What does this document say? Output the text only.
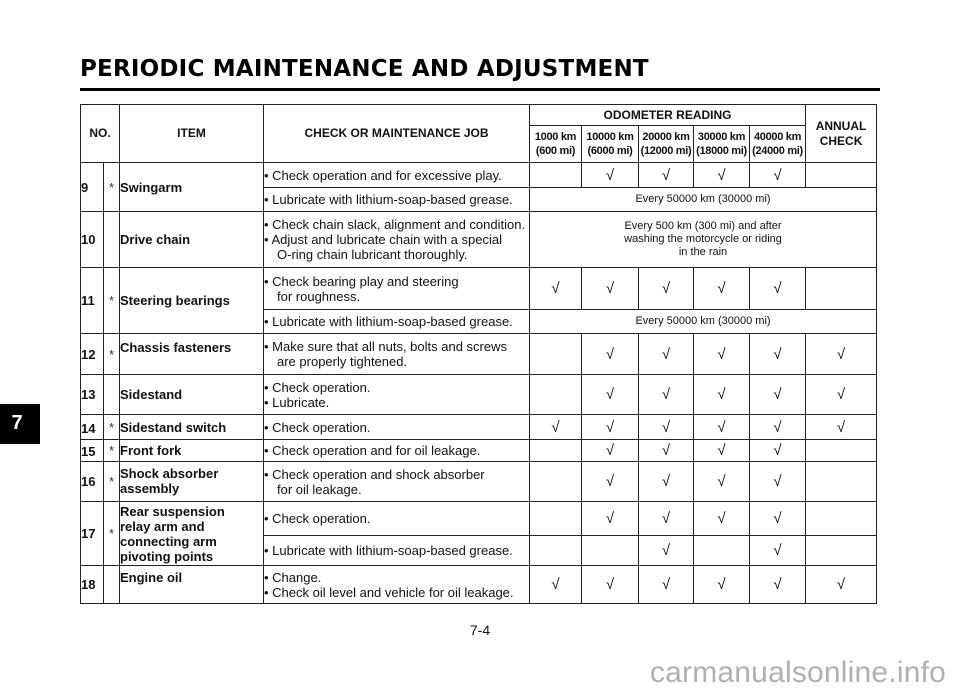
PERIODIC MAINTENANCE AND ADJUSTMENT
7
NO.		ITEM	CHECK OR MAINTENANCE JOB	ODOMETER READING					ANNUAL CHECK

				1000 km
(600 mi)	10000 km
(6000 mi)	20000 km
(12000 mi)	30000 km
(18000 mi)	40000 km
(24000 mi)	

9	*	Swingarm	• Check operation and for excessive play.		√	√	√	√	

			• Lubricate with lithium-soap-based grease.	Every 50000 km (30000 mi)					
10		Drive chain	• Check chain slack, alignment and condition.
• Adjust and lubricate chain with a special
O-ring chain lubricant thoroughly.	Every 500 km (300 mi) and after
washing the motorcycle or riding
in the rain					

11	*	Steering bearings	• Check bearing play and steering
for roughness.	√	√	√	√	√	

			• Lubricate with lithium-soap-based grease.	Every 50000 km (30000 mi)					
12	*	Chassis fasteners	• Make sure that all nuts, bolts and screws
are properly tightened.		√	√	√	√	√
13		Sidestand	• Check operation.
• Lubricate.		√	√	√	√	√
14	*	Sidestand switch	• Check operation.	√	√	√	√	√	√
15	*	Front fork	• Check operation and for oil leakage.		√	√	√	√	
16	*	Shock absorber
assembly	• Check operation and shock absorber
for oil leakage.		√	√	√	√	
17	*	Rear suspension
relay arm and
connecting arm
pivoting points	• Check operation.		√	√	√	√	

			• Lubricate with lithium-soap-based grease.			√		√	
18		Engine oil	• Change.
• Check oil level and vehicle for oil leakage.	√	√	√	√	√	√
7-4
carmanualsonline.info
